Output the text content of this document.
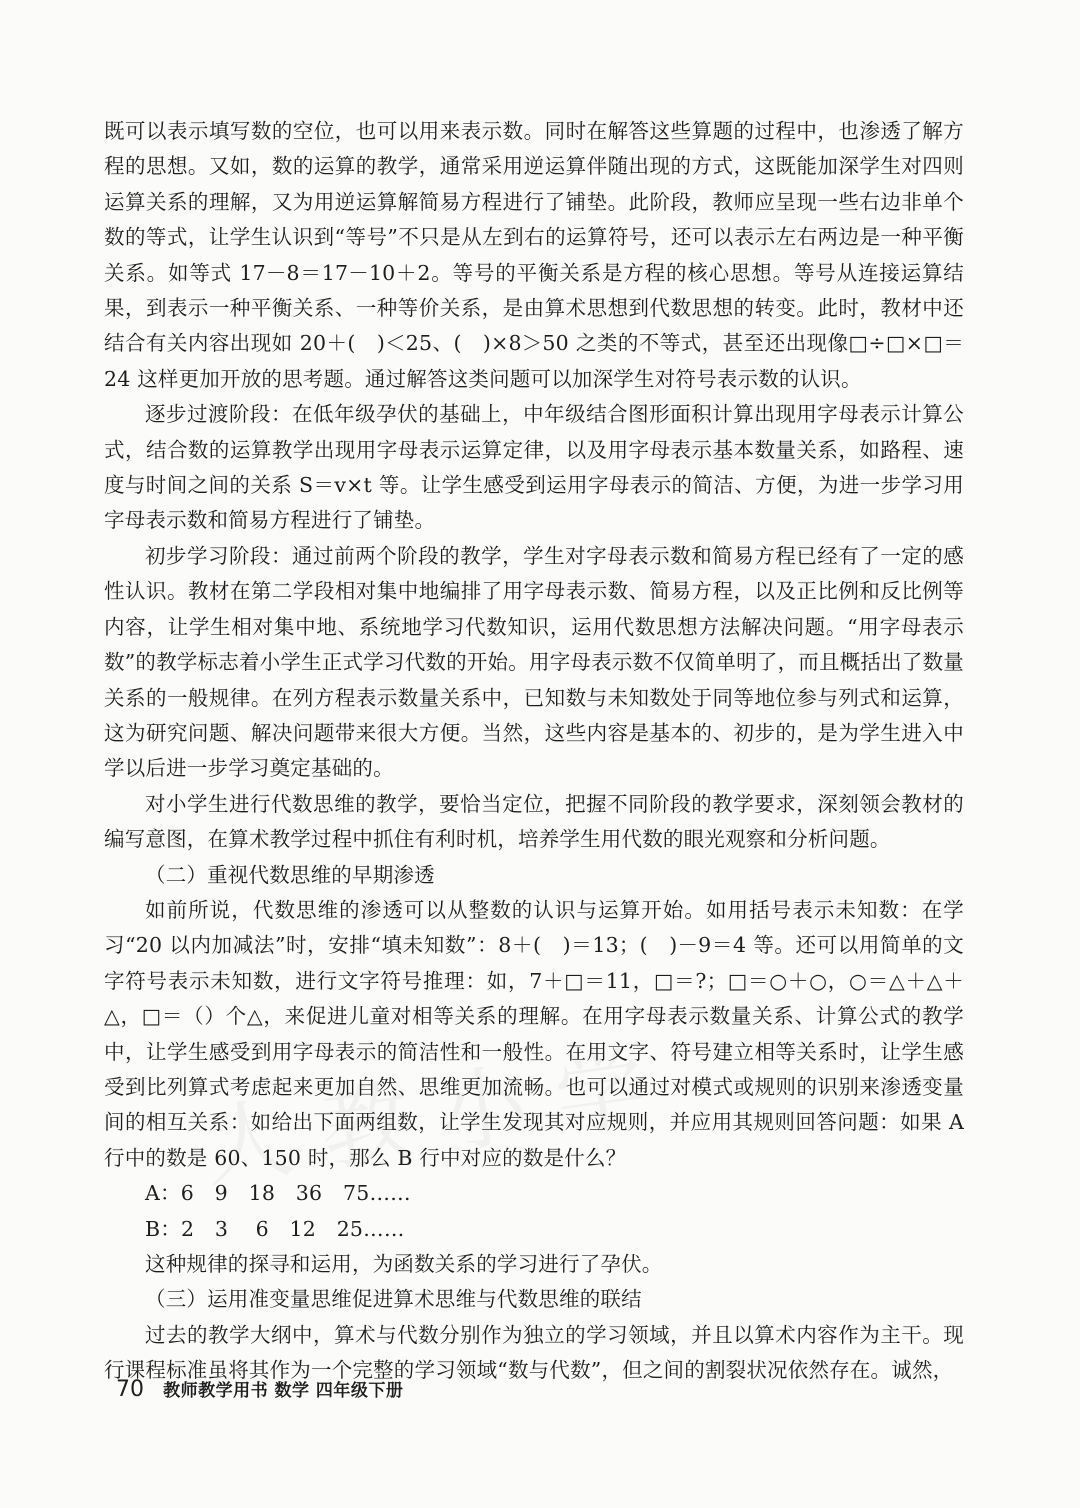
既可以表示填写数的空位，也可以用来表示数。同时在解答这些算题的过程中，也渗透了解方程的思想。又如，数的运算的教学，通常采用逆运算伴随出现的方式，这既能加深学生对四则运算关系的理解，又为用逆运算解简易方程进行了铺垫。此阶段，教师应呈现一些右边非单个数的等式，让学生认识到“等号”不只是从左到右的运算符号，还可以表示左右两边是一种平衡关系。如等式 17－8＝17－10＋2。等号的平衡关系是方程的核心思想。等号从连接运算结果，到表示一种平衡关系、一种等价关系，是由算术思想到代数思想的转变。此时，教材中还结合有关内容出现如 20＋(　)＜25、(　)×8＞50 之类的不等式，甚至还出现像□÷□×□＝24 这样更加开放的思考题。通过解答这类问题可以加深学生对符号表示数的认识。

逐步过渡阶段：在低年级孕伏的基础上，中年级结合图形面积计算出现用字母表示计算公式，结合数的运算教学出现用字母表示运算定律，以及用字母表示基本数量关系，如路程、速度与时间之间的关系 S＝v×t 等。让学生感受到运用字母表示的简洁、方便，为进一步学习用字母表示数和简易方程进行了铺垫。

初步学习阶段：通过前两个阶段的教学，学生对字母表示数和简易方程已经有了一定的感性认识。教材在第二学段相对集中地编排了用字母表示数、简易方程，以及正比例和反比例等内容，让学生相对集中地、系统地学习代数知识，运用代数思想方法解决问题。“用字母表示数”的教学标志着小学生正式学习代数的开始。用字母表示数不仅简单明了，而且概括出了数量关系的一般规律。在列方程表示数量关系中，已知数与未知数处于同等地位参与列式和运算，这为研究问题、解决问题带来很大方便。当然，这些内容是基本的、初步的，是为学生进入中学以后进一步学习奠定基础的。

对小学生进行代数思维的教学，要恰当定位，把握不同阶段的教学要求，深刻领会教材的编写意图，在算术教学过程中抓住有利时机，培养学生用代数的眼光观察和分析问题。

（二）重视代数思维的早期渗透

如前所说，代数思维的渗透可以从整数的认识与运算开始。如用括号表示未知数：在学习“20 以内加减法”时，安排“填未知数”：8＋(　)＝13；(　)－9＝4 等。还可以用简单的文字符号表示未知数，进行文字符号推理：如，7＋□＝11，□＝?；□＝○＋○，○＝△＋△＋△，□＝（）个△，来促进儿童对相等关系的理解。在用字母表示数量关系、计算公式的教学中，让学生感受到用字母表示的简洁性和一般性。在用文字、符号建立相等关系时，让学生感受到比列算式考虑起来更加自然、思维更加流畅。也可以通过对模式或规则的识别来渗透变量间的相互关系：如给出下面两组数，让学生发现其对应规则，并应用其规则回答问题：如果 A 行中的数是 60、150 时，那么 B 行中对应的数是什么？

A：6　9　18　36　75……

B：2　3　 6　12　25……

这种规律的探寻和运用，为函数关系的学习进行了孕伏。

（三）运用准变量思维促进算术思维与代数思维的联结

过去的教学大纲中，算术与代数分别作为独立的学习领域，并且以算术内容作为主干。现行课程标准虽将其作为一个完整的学习领域“数与代数”，但之间的割裂状况依然存在。诚然，

70 教师教学用书 数学 四年级下册
